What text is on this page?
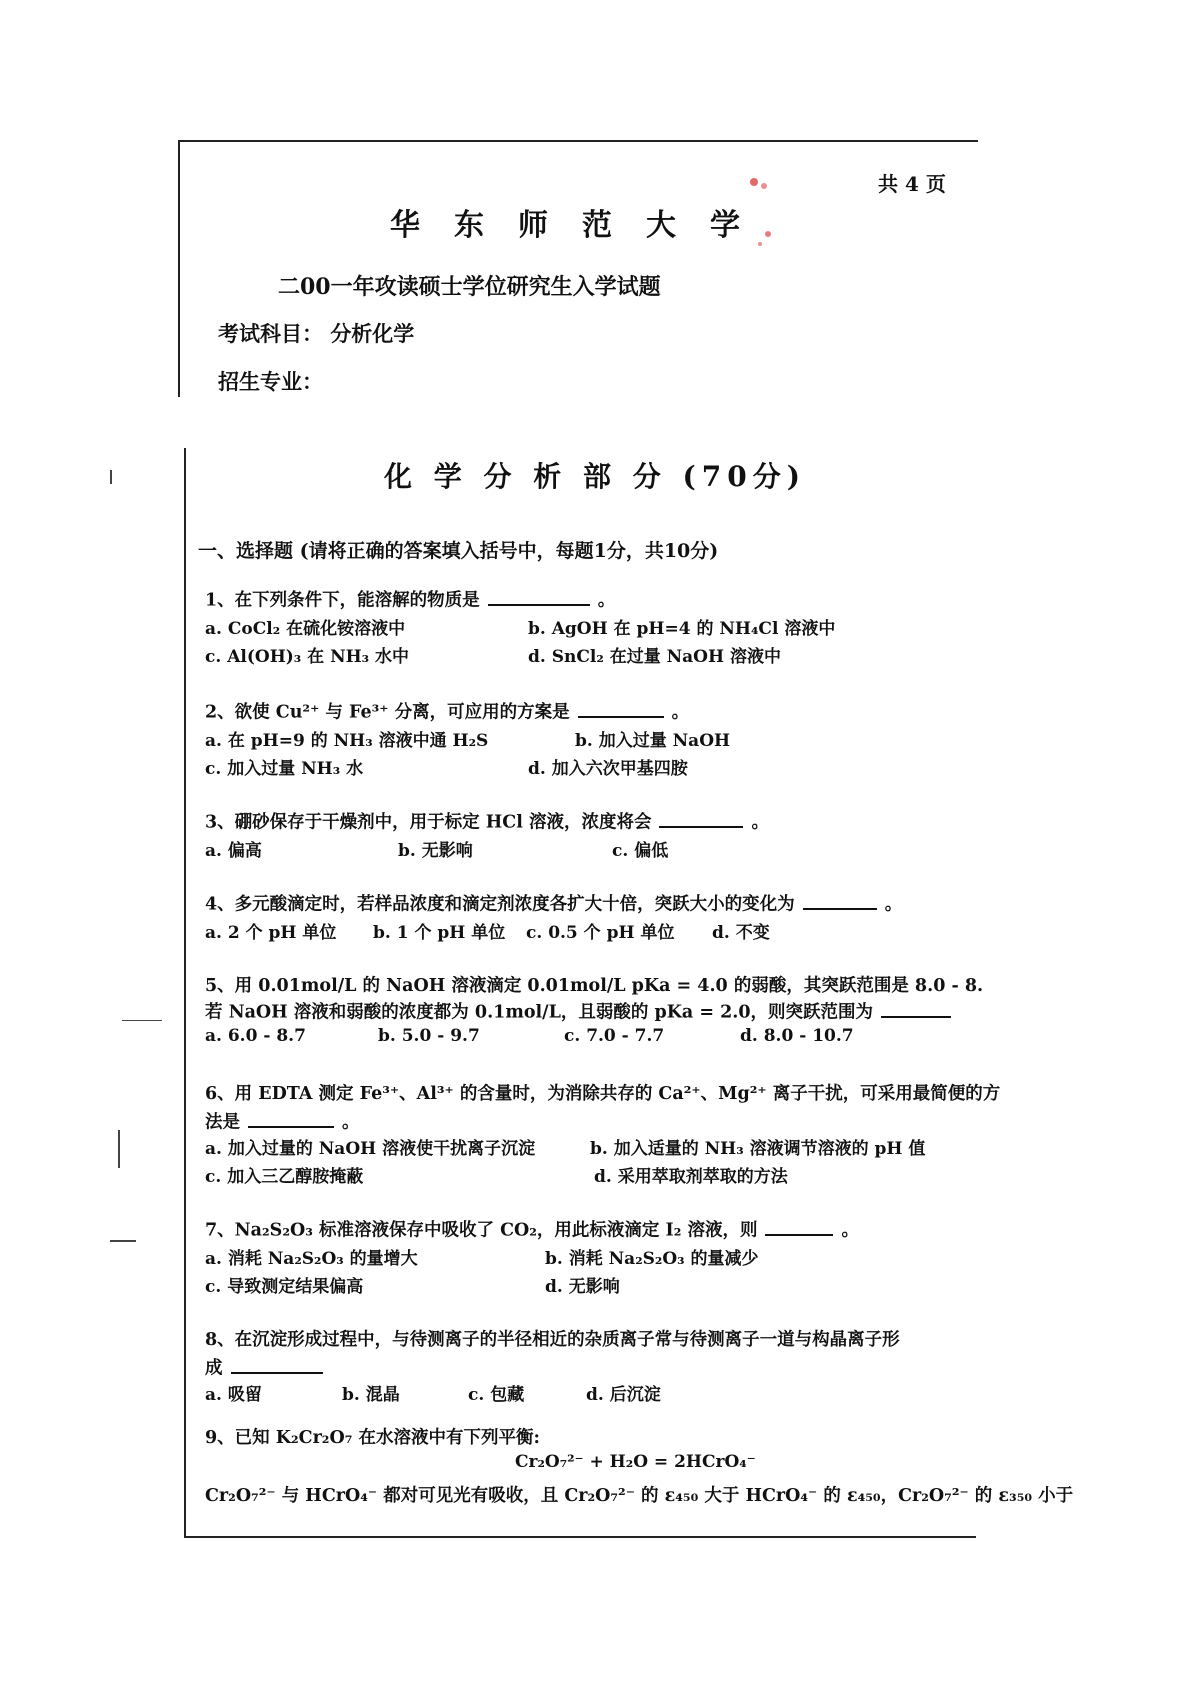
共 4 页
华东师范大学
二00一年攻读硕士学位研究生入学试题
考试科目： 分析化学
招生专业：
化 学 分 析 部 分 (70分)
一、选择题 (请将正确的答案填入括号中，每题1分，共10分)
1、在下列条件下，能溶解的物质是	。
a. CoCl₂ 在硫化铵溶液中	b. AgOH 在 pH=4 的 NH₄Cl 溶液中
c. Al(OH)₃ 在 NH₃ 水中	d. SnCl₂ 在过量 NaOH 溶液中
2、欲使 Cu²⁺ 与 Fe³⁺ 分离，可应用的方案是	。
a. 在 pH=9 的 NH₃ 溶液中通 H₂S	b. 加入过量 NaOH
c. 加入过量 NH₃ 水	d. 加入六次甲基四胺
3、硼砂保存于干燥剂中，用于标定 HCl 溶液，浓度将会	。
a. 偏高	b. 无影响	c. 偏低
4、多元酸滴定时，若样品浓度和滴定剂浓度各扩大十倍，突跃大小的变化为	。
a. 2 个 pH 单位 b. 1 个 pH 单位 c. 0.5 个 pH 单位 d. 不变
5、用 0.01mol/L 的 NaOH 溶液滴定 0.01mol/L pKa = 4.0 的弱酸，其突跃范围是 8.0 - 8.
若 NaOH 溶液和弱酸的浓度都为 0.1mol/L，且弱酸的 pKa = 2.0，则突跃范围为
a. 6.0 - 8.7	b. 5.0 - 9.7	c. 7.0 - 7.7	d. 8.0 - 10.7
6、用 EDTA 测定 Fe³⁺、Al³⁺ 的含量时，为消除共存的 Ca²⁺、Mg²⁺ 离子干扰，可采用最简便的方
法是	。
a. 加入过量的 NaOH 溶液使干扰离子沉淀	b. 加入适量的 NH₃ 溶液调节溶液的 pH 值
c. 加入三乙醇胺掩蔽	d. 采用萃取剂萃取的方法
7、Na₂S₂O₃ 标准溶液保存中吸收了 CO₂，用此标液滴定 I₂ 溶液，则	。
a. 消耗 Na₂S₂O₃ 的量增大	b. 消耗 Na₂S₂O₃ 的量减少
c. 导致测定结果偏高	d. 无影响
8、在沉淀形成过程中，与待测离子的半径相近的杂质离子常与待测离子一道与构晶离子形
成
a. 吸留	b. 混晶	c. 包藏	d. 后沉淀
9、已知 K₂Cr₂O₇ 在水溶液中有下列平衡:
Cr₂O₇²⁻ + H₂O = 2HCrO₄⁻
Cr₂O₇²⁻ 与 HCrO₄⁻ 都对可见光有吸收，且 Cr₂O₇²⁻ 的 ε₄₅₀ 大于 HCrO₄⁻ 的 ε₄₅₀，Cr₂O₇²⁻ 的 ε₃₅₀ 小于
